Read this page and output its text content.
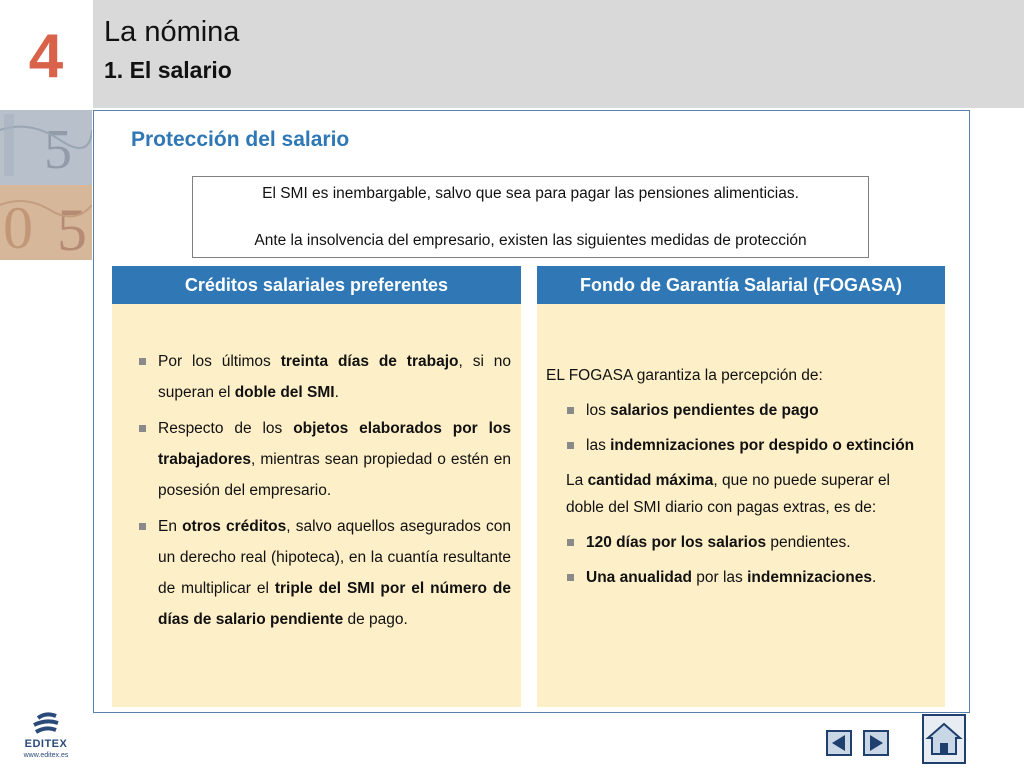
4 La nómina
1. El salario
5
0 5
Protección del salario
El SMI es inembargable, salvo que sea para pagar las pensiones alimenticias.
Ante la insolvencia del empresario, existen las siguientes medidas de protección
Créditos salariales preferentes
Por los últimos treinta días de trabajo, si no superan el doble del SMI.
Respecto de los objetos elaborados por los trabajadores, mientras sean propiedad o estén en posesión del empresario.
En otros créditos, salvo aquellos asegurados con un derecho real (hipoteca), en la cuantía resultante de multiplicar el triple del SMI por el número de días de salario pendiente de pago.
Fondo de Garantía Salarial (FOGASA)

EL FOGASA garantiza la percepción de:

los salarios pendientes de pago
las indemnizaciones por despido o extinción

La cantidad máxima, que no puede superar el doble del SMI diario con pagas extras, es de:

120 días por los salarios pendientes.
Una anualidad por las indemnizaciones.
EDITEX
www.editex.es
